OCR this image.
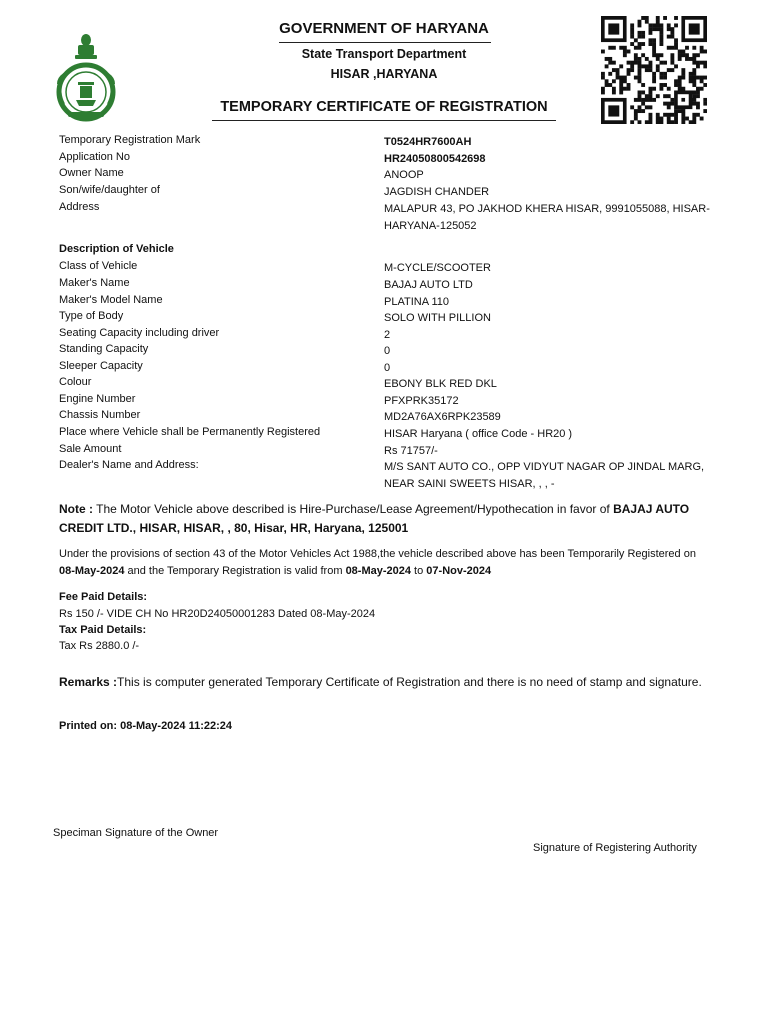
GOVERNMENT OF HARYANA
State Transport Department
HISAR ,HARYANA
TEMPORARY CERTIFICATE OF REGISTRATION
Temporary Registration Mark	T0524HR7600AH
Application No	HR24050800542698
Owner Name	ANOOP
Son/wife/daughter of	JAGDISH CHANDER
Address	MALAPUR 43, PO JAKHOD KHERA HISAR, 9991055088, HISAR-HARYANA-125052
Description of Vehicle
Class of Vehicle	M-CYCLE/SCOOTER
Maker's Name	BAJAJ AUTO LTD
Maker's Model Name	PLATINA 110
Type of Body	SOLO WITH PILLION
Seating Capacity including driver	2
Standing Capacity	0
Sleeper Capacity	0
Colour	EBONY BLK RED DKL
Engine Number	PFXPRK35172
Chassis Number	MD2A76AX6RPK23589
Place where Vehicle shall be Permanently Registered	HISAR Haryana ( office Code - HR20 )
Sale Amount	Rs 71757/-
Dealer's Name and Address:	M/S SANT AUTO CO., OPP VIDYUT NAGAR OP JINDAL MARG, NEAR SAINI SWEETS HISAR, , , -
Note : The Motor Vehicle above described is Hire-Purchase/Lease Agreement/Hypothecation in favor of BAJAJ AUTO CREDIT LTD., HISAR, HISAR, , 80, Hisar, HR, Haryana, 125001
Under the provisions of section 43 of the Motor Vehicles Act 1988,the vehicle described above has been Temporarily Registered on 08-May-2024 and the Temporary Registration is valid from 08-May-2024 to 07-Nov-2024
Fee Paid Details:
Rs 150 /- VIDE CH No HR20D24050001283 Dated 08-May-2024
Tax Paid Details:
Tax Rs 2880.0 /-
Remarks :This is computer generated Temporary Certificate of Registration and there is no need of stamp and signature.
Printed on: 08-May-2024 11:22:24
Speciman Signature of the Owner
Signature of Registering Authority
